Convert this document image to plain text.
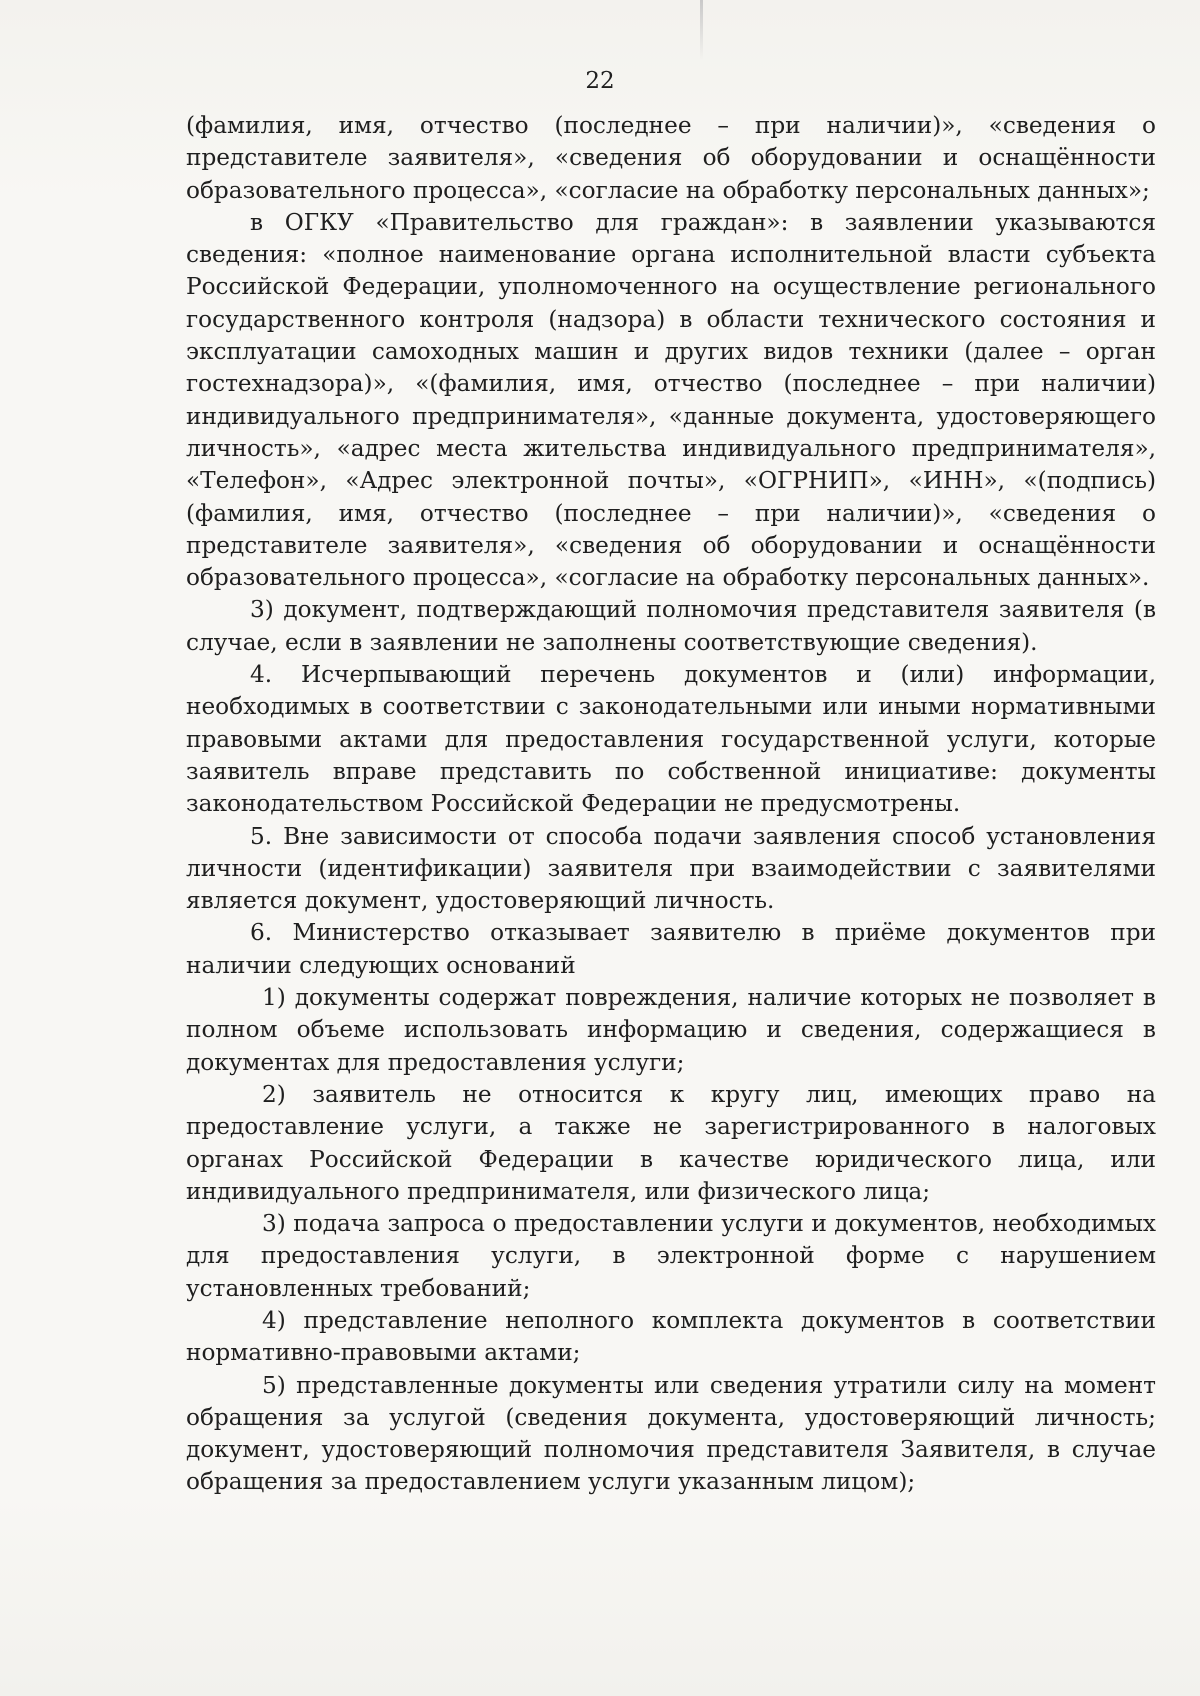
22

(фамилия, имя, отчество (последнее – при наличии)», «сведения о представителе заявителя», «сведения об оборудовании и оснащённости образовательного процесса», «согласие на обработку персональных данных»;

в ОГКУ «Правительство для граждан»: в заявлении указываются сведения: «полное наименование органа исполнительной власти субъекта Российской Федерации, уполномоченного на осуществление регионального государственного контроля (надзора) в области технического состояния и эксплуатации самоходных машин и других видов техники (далее – орган гостехнадзора)», «(фамилия, имя, отчество (последнее – при наличии) индивидуального предпринимателя», «данные документа, удостоверяющего личность», «адрес места жительства индивидуального предпринимателя», «Телефон», «Адрес электронной почты», «ОГРНИП», «ИНН», «(подпись) (фамилия, имя, отчество (последнее – при наличии)», «сведения о представителе заявителя», «сведения об оборудовании и оснащённости образовательного процесса», «согласие на обработку персональных данных».

3) документ, подтверждающий полномочия представителя заявителя (в случае, если в заявлении не заполнены соответствующие сведения).

4. Исчерпывающий перечень документов и (или) информации, необходимых в соответствии с законодательными или иными нормативными правовыми актами для предоставления государственной услуги, которые заявитель вправе представить по собственной инициативе: документы законодательством Российской Федерации не предусмотрены.

5. Вне зависимости от способа подачи заявления способ установления личности (идентификации) заявителя при взаимодействии с заявителями является документ, удостоверяющий личность.

6. Министерство отказывает заявителю в приёме документов при наличии следующих оснований

1) документы содержат повреждения, наличие которых не позволяет в полном объеме использовать информацию и сведения, содержащиеся в документах для предоставления услуги;

2) заявитель не относится к кругу лиц, имеющих право на предоставление услуги, а также не зарегистрированного в налоговых органах Российской Федерации в качестве юридического лица, или индивидуального предпринимателя, или физического лица;

3) подача запроса о предоставлении услуги и документов, необходимых для предоставления услуги, в электронной форме с нарушением установленных требований;

4) представление неполного комплекта документов в соответствии нормативно-правовыми актами;

5) представленные документы или сведения утратили силу на момент обращения за услугой (сведения документа, удостоверяющий личность; документ, удостоверяющий полномочия представителя Заявителя, в случае обращения за предоставлением услуги указанным лицом);
